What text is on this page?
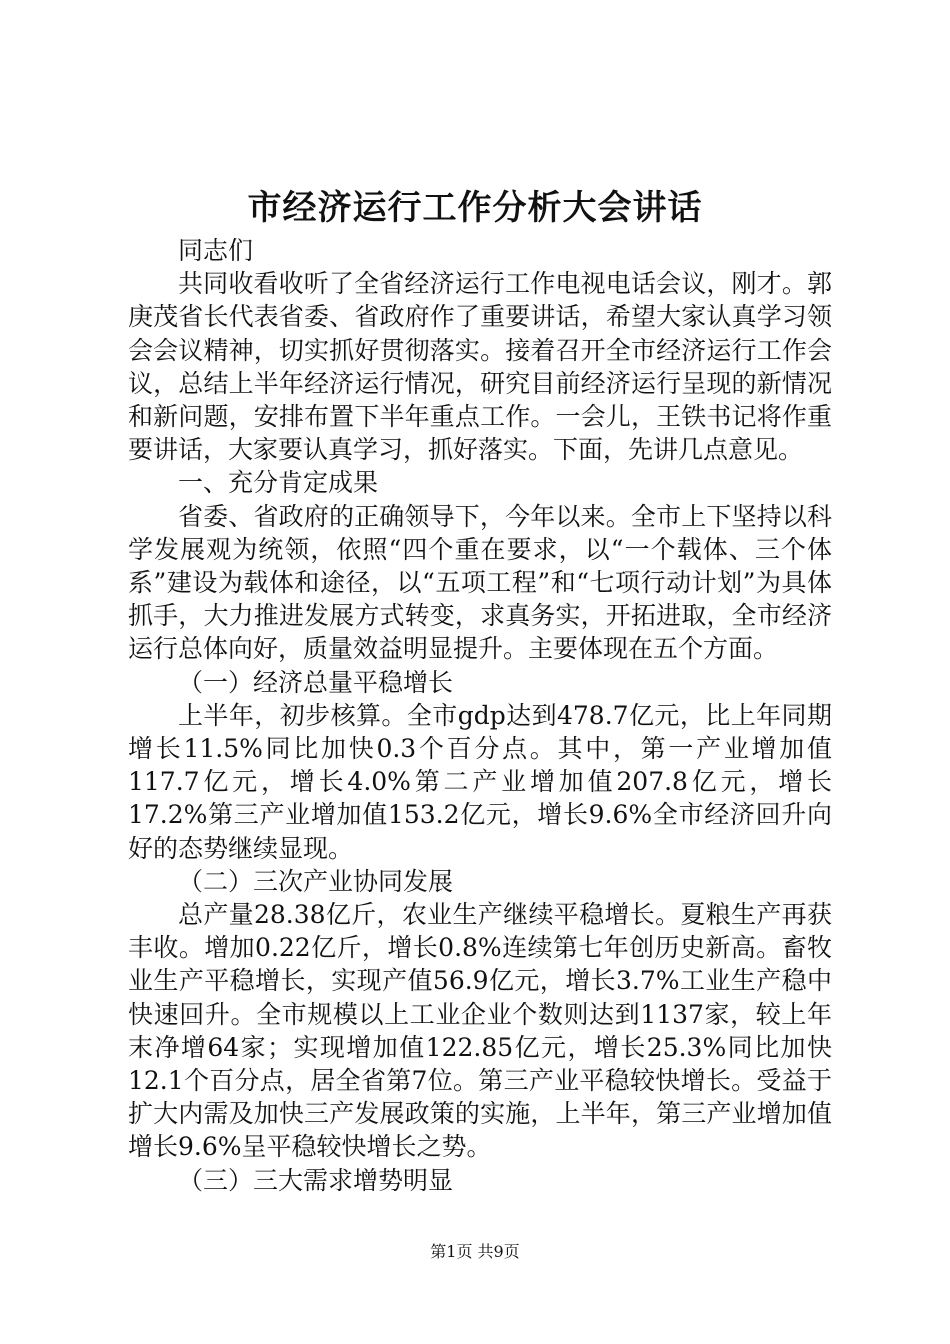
市经济运行工作分析大会讲话

同志们

共同收看收听了全省经济运行工作电视电话会议，刚才。郭庚茂省长代表省委、省政府作了重要讲话，希望大家认真学习领会会议精神，切实抓好贯彻落实。接着召开全市经济运行工作会议，总结上半年经济运行情况，研究目前经济运行呈现的新情况和新问题，安排布置下半年重点工作。一会儿，王铁书记将作重要讲话，大家要认真学习，抓好落实。下面，先讲几点意见。

一、充分肯定成果

省委、省政府的正确领导下，今年以来。全市上下坚持以科学发展观为统领，依照“四个重在要求，以“一个载体、三个体系”建设为载体和途径，以“五项工程”和“七项行动计划”为具体抓手，大力推进发展方式转变，求真务实，开拓进取，全市经济运行总体向好，质量效益明显提升。主要体现在五个方面。

（一）经济总量平稳增长

上半年，初步核算。全市gdp达到478.7亿元，比上年同期增长11.5%同比加快0.3个百分点。其中，第一产业增加值117.7亿元，增长4.0%第二产业增加值207.8亿元，增长17.2%第三产业增加值153.2亿元，增长9.6%全市经济回升向好的态势继续显现。

（二）三次产业协同发展

总产量28.38亿斤，农业生产继续平稳增长。夏粮生产再获丰收。增加0.22亿斤，增长0.8%连续第七年创历史新高。畜牧业生产平稳增长，实现产值56.9亿元，增长3.7%工业生产稳中快速回升。全市规模以上工业企业个数则达到1137家，较上年末净增64家；实现增加值122.85亿元，增长25.3%同比加快12.1个百分点，居全省第7位。第三产业平稳较快增长。受益于扩大内需及加快三产发展政策的实施，上半年，第三产业增加值增长9.6%呈平稳较快增长之势。

（三）三大需求增势明显

第1页 共9页
